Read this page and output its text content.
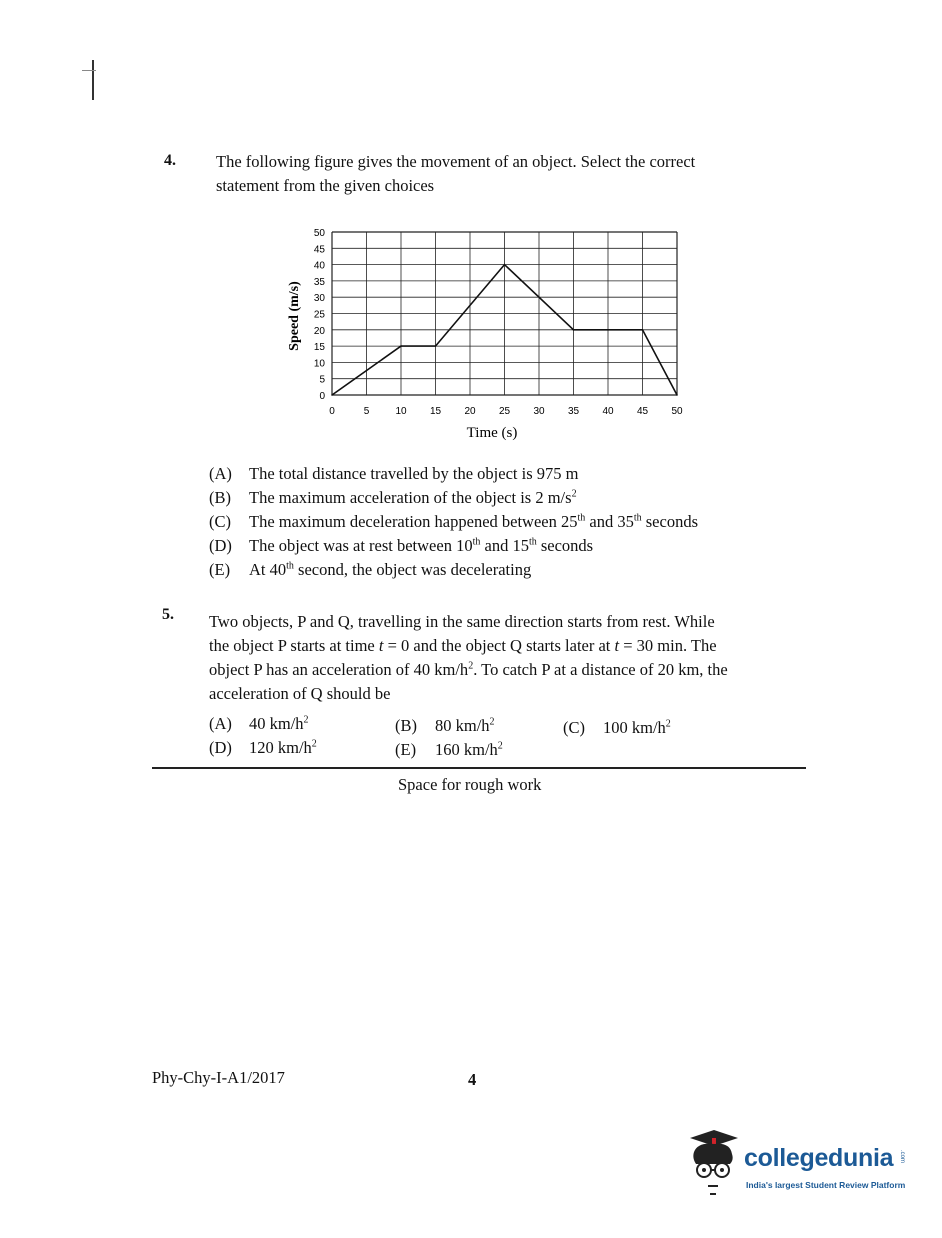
4. The following figure gives the movement of an object. Select the correct
statement from the given choices
0	5	10 15 20 25 30 35 40 45 50
0
5
10
15
20
25
30
35
40
45
50
Time (s)
Speed (m/s)
(A) The total distance travelled by the object is 975 m
(B) The maximum acceleration of the object is 2 $m/s^2$
(C) The maximum deceleration happened between 25th and 35th seconds
(D) The object was at rest between 10th and 15th seconds
(E) At 40th second, the object was decelerating
5. Two objects, P and Q, travelling in the same direction starts from rest. While
the object P starts at time t = 0 and the object Q starts later at t = 30 min. The
object P has an acceleration of 40 $km/h^2$. To catch P at a distance of 20 km, the
acceleration of Q should be
(A) 40 $km/h^2$	(B) 80 $km/h^2$	(C) 100 $km/h^2$
(D) 120 $km/h^2$	(E) 160 $km/h^2$
Space for rough work
Phy-Chy-I-A1/2017	4
collegedunia .com
India's largest Student Review Platform
